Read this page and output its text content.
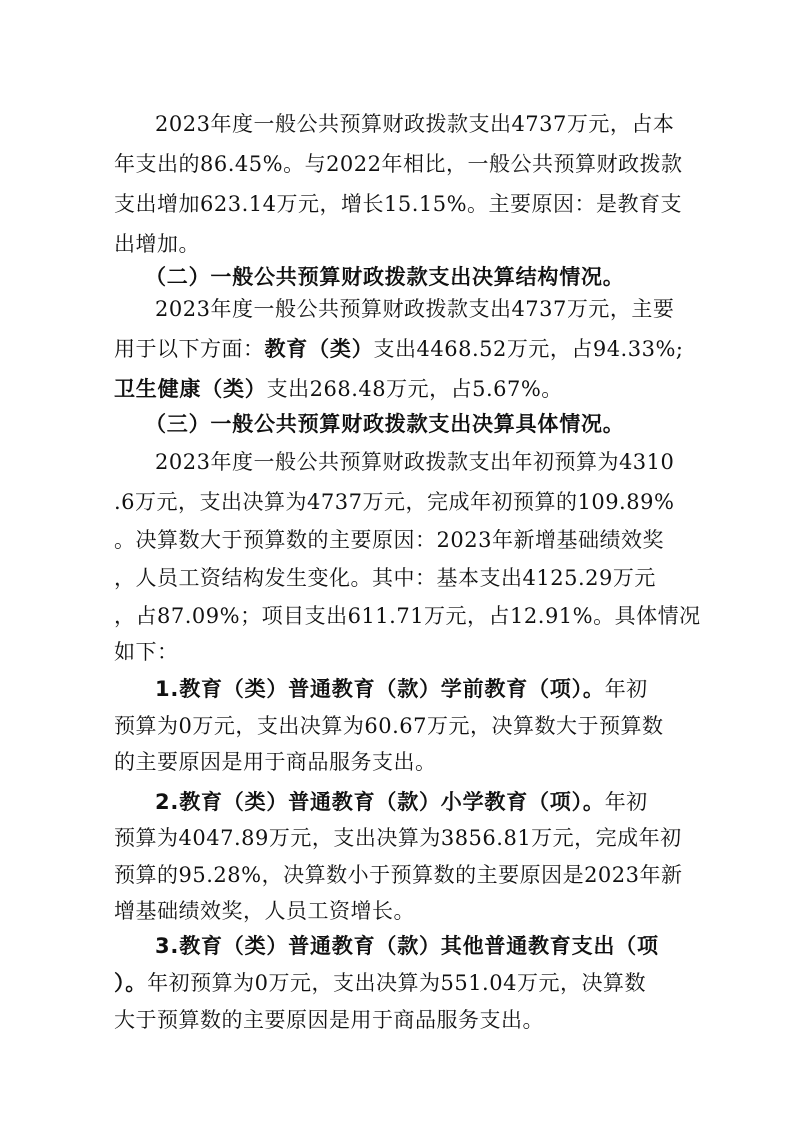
2023年度一般公共预算财政拨款支出4737万元，占本
年支出的86.45%。与2022年相比，一般公共预算财政拨款
支出增加623.14万元，增长15.15%。主要原因：是教育支
出增加。
（二）一般公共预算财政拨款支出决算结构情况。
2023年度一般公共预算财政拨款支出4737万元，主要
用于以下方面：教育（类）支出4468.52万元，占94.33%;
卫生健康（类）支出268.48万元，占5.67%。
（三）一般公共预算财政拨款支出决算具体情况。
2023年度一般公共预算财政拨款支出年初预算为4310
.6万元，支出决算为4737万元，完成年初预算的109.89%
。决算数大于预算数的主要原因：2023年新增基础绩效奖
，人员工资结构发生变化。其中：基本支出4125.29万元
，占87.09%；项目支出611.71万元，占12.91%。具体情况
如下：
1.教育（类）普通教育（款）学前教育（项）。年初
预算为0万元，支出决算为60.67万元，决算数大于预算数
的主要原因是用于商品服务支出。
2.教育（类）普通教育（款）小学教育（项）。年初
预算为4047.89万元，支出决算为3856.81万元，完成年初
预算的95.28%，决算数小于预算数的主要原因是2023年新
增基础绩效奖，人员工资增长。
3.教育（类）普通教育（款）其他普通教育支出（项
）。年初预算为0万元，支出决算为551.04万元，决算数
大于预算数的主要原因是用于商品服务支出。
